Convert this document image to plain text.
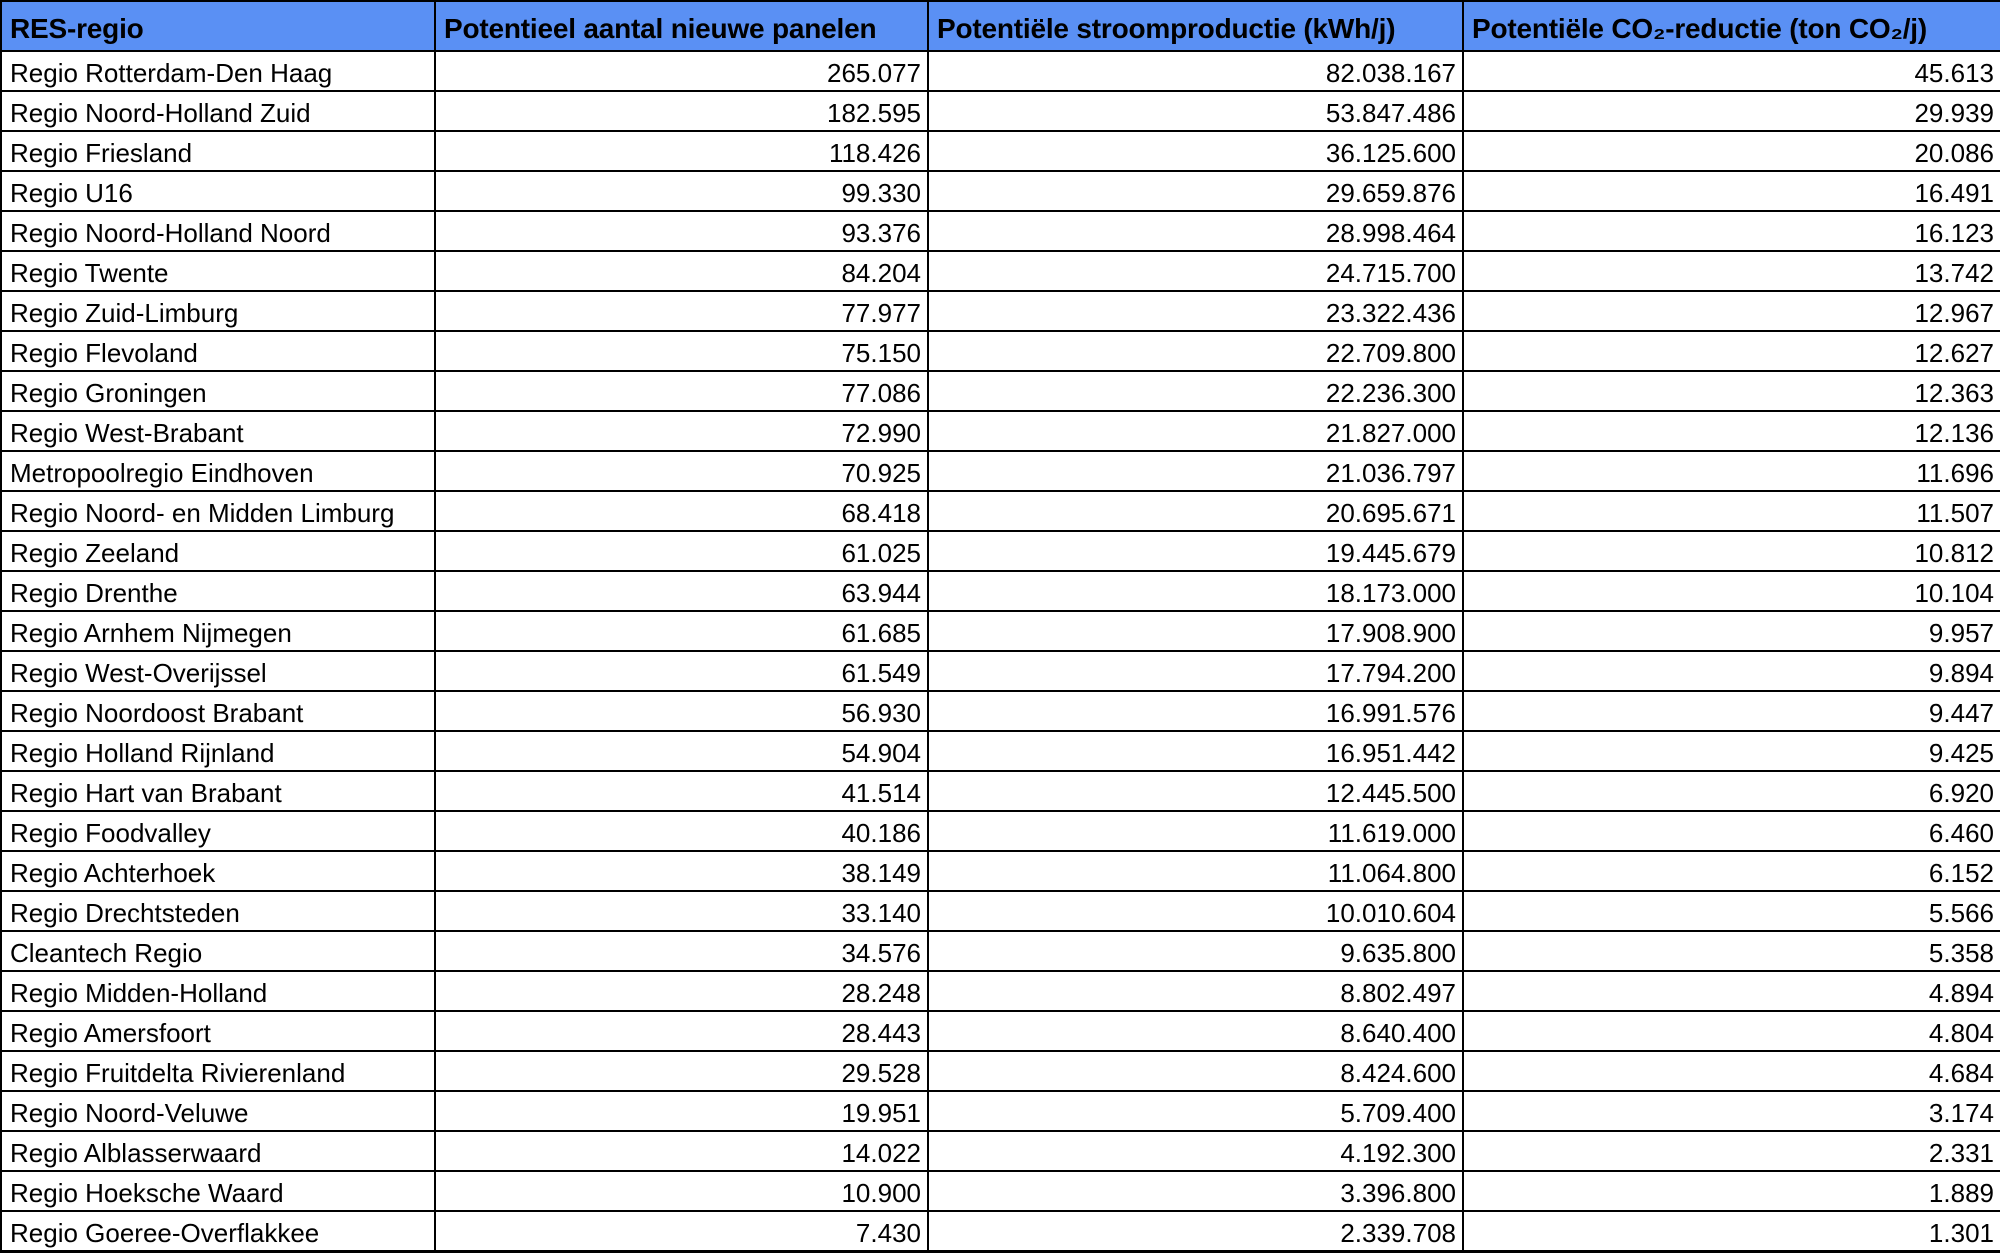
RES-regio	Potentieel aantal nieuwe panelen	Potentiële stroomproductie (kWh/j)	Potentiële CO₂-reductie (ton CO₂/j)
Regio Rotterdam-Den Haag	265.077	82.038.167	45.613
Regio Noord-Holland Zuid	182.595	53.847.486	29.939
Regio Friesland	118.426	36.125.600	20.086
Regio U16	99.330	29.659.876	16.491
Regio Noord-Holland Noord	93.376	28.998.464	16.123
Regio Twente	84.204	24.715.700	13.742
Regio Zuid-Limburg	77.977	23.322.436	12.967
Regio Flevoland	75.150	22.709.800	12.627
Regio Groningen	77.086	22.236.300	12.363
Regio West-Brabant	72.990	21.827.000	12.136
Metropoolregio Eindhoven	70.925	21.036.797	11.696
Regio Noord- en Midden Limburg	68.418	20.695.671	11.507
Regio Zeeland	61.025	19.445.679	10.812
Regio Drenthe	63.944	18.173.000	10.104
Regio Arnhem Nijmegen	61.685	17.908.900	9.957
Regio West-Overijssel	61.549	17.794.200	9.894
Regio Noordoost Brabant	56.930	16.991.576	9.447
Regio Holland Rijnland	54.904	16.951.442	9.425
Regio Hart van Brabant	41.514	12.445.500	6.920
Regio Foodvalley	40.186	11.619.000	6.460
Regio Achterhoek	38.149	11.064.800	6.152
Regio Drechtsteden	33.140	10.010.604	5.566
Cleantech Regio	34.576	9.635.800	5.358
Regio Midden-Holland	28.248	8.802.497	4.894
Regio Amersfoort	28.443	8.640.400	4.804
Regio Fruitdelta Rivierenland	29.528	8.424.600	4.684
Regio Noord-Veluwe	19.951	5.709.400	3.174
Regio Alblasserwaard	14.022	4.192.300	2.331
Regio Hoeksche Waard	10.900	3.396.800	1.889
Regio Goeree-Overflakkee	7.430	2.339.708	1.301
